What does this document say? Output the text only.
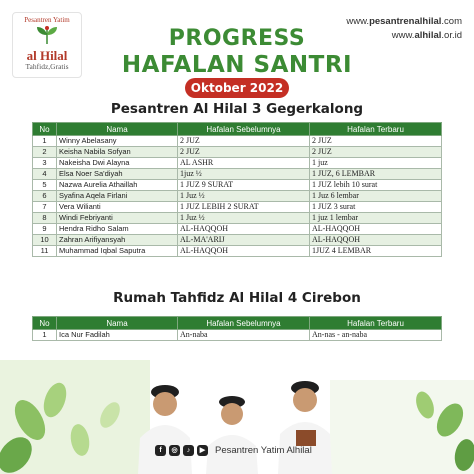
Pesantren Yatim
al Hilal
Tahfidz,Gratis
www.pesantrenalhilal.com
www.alhilal.or.id
PROGRESS
HAFALAN SANTRI
Oktober 2022
Pesantren Al Hilal 3 Gegerkalong
No	Nama	Hafalan Sebelumnya	Hafalan Terbaru
1	Winny Abelasany	2 JUZ	2 JUZ
2	Keisha Nabila Sofyan	2 JUZ	2 JUZ
3	Nakeisha Dwi Alayna	AL ASHR	1 juz
4	Elsa Noer Sa'diyah	1juz ½	1 JUZ, 6 LEMBAR
5	Nazwa Aurelia Athaillah	1 JUZ 9 SURAT	1 JUZ lebih 10 surat
6	Syafina Aqela Firlani	1 Juz ½	1 Juz 6 lembar
7	Vera Wilianti	1 JUZ LEBIH 2 SURAT	1 JUZ 3 surat
8	Windi Febriyanti	1 Juz ½	1 juz 1 lembar
9	Hendra Ridho Salam	AL-HAQQOH	AL-HAQQOH
10	Zahran Arifiyansyah	AL-MA'ARIJ	AL-HAQQOH
11	Muhammad Iqbal Saputra	AL-HAQQOH	1JUZ 4 LEMBAR
Rumah Tahfidz Al Hilal 4 Cirebon
No	Nama	Hafalan Sebelumnya	Hafalan Terbaru
1	Ica Nur Fadilah	An-naba	An-nas - an-naba
f	◎	♪	▶ Pesantren Yatim Alhilal
